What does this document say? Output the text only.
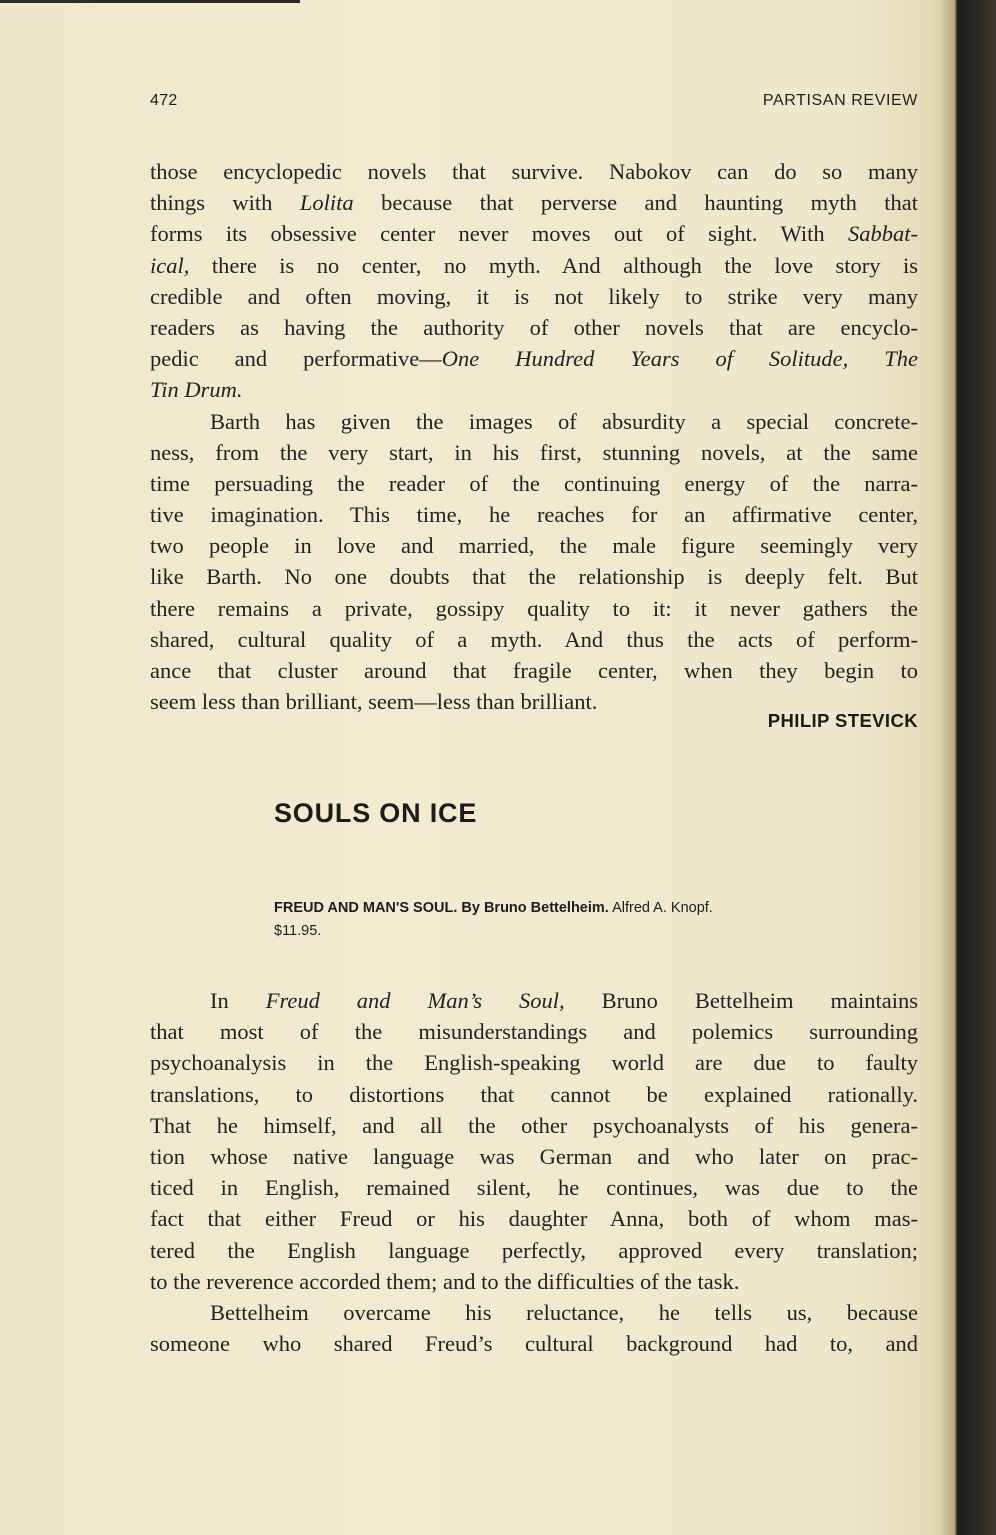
472	PARTISAN REVIEW
those encyclopedic novels that survive. Nabokov can do so many
things with Lolita because that perverse and haunting myth that
forms its obsessive center never moves out of sight. With Sabbat-
ical, there is no center, no myth. And although the love story is
credible and often moving, it is not likely to strike very many
readers as having the authority of other novels that are encyclo-
pedic and performative—One Hundred Years of Solitude, The
Tin Drum.
Barth has given the images of absurdity a special concrete-
ness, from the very start, in his first, stunning novels, at the same
time persuading the reader of the continuing energy of the narra-
tive imagination. This time, he reaches for an affirmative center,
two people in love and married, the male figure seemingly very
like Barth. No one doubts that the relationship is deeply felt. But
there remains a private, gossipy quality to it: it never gathers the
shared, cultural quality of a myth. And thus the acts of perform-
ance that cluster around that fragile center, when they begin to
seem less than brilliant, seem—less than brilliant.
PHILIP STEVICK
SOULS ON ICE
FREUD AND MAN'S SOUL. By Bruno Bettelheim. Alfred A. Knopf.
$11.95.
In Freud and Man’s Soul, Bruno Bettelheim maintains
that most of the misunderstandings and polemics surrounding
psychoanalysis in the English-speaking world are due to faulty
translations, to distortions that cannot be explained rationally.
That he himself, and all the other psychoanalysts of his genera-
tion whose native language was German and who later on prac-
ticed in English, remained silent, he continues, was due to the
fact that either Freud or his daughter Anna, both of whom mas-
tered the English language perfectly, approved every translation;
to the reverence accorded them; and to the difficulties of the task.
Bettelheim overcame his reluctance, he tells us, because
someone who shared Freud’s cultural background had to, and
